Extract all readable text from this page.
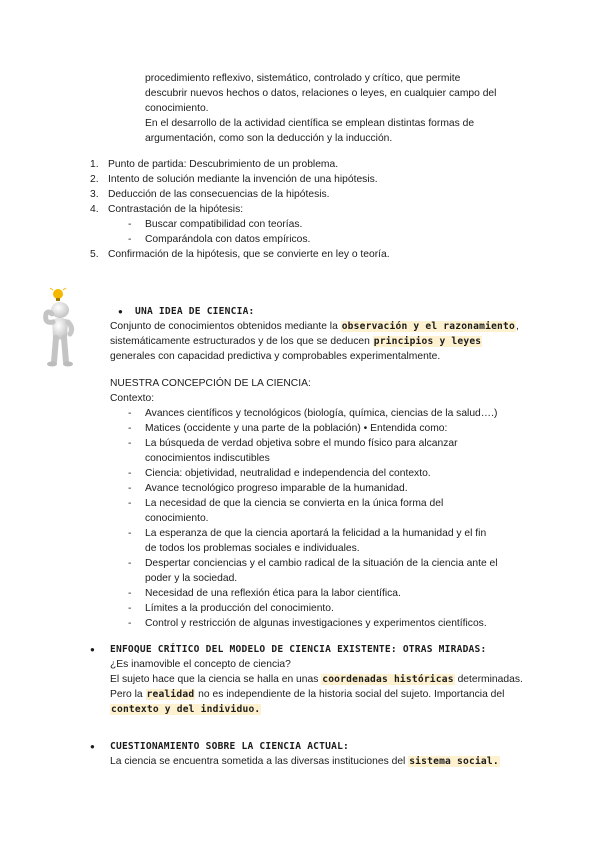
procedimiento reflexivo, sistemático, controlado y crítico, que permite
descubrir nuevos hechos o datos, relaciones o leyes, en cualquier campo del
conocimiento.
En el desarrollo de la actividad científica se emplean distintas formas de
argumentación, como son la deducción y la inducción.
1. Punto de partida: Descubrimiento de un problema.
2. Intento de solución mediante la invención de una hipótesis.
3. Deducción de las consecuencias de la hipótesis.
4. Contrastación de la hipótesis:
- Buscar compatibilidad con teorías.
- Comparándola con datos empíricos.
5. Confirmación de la hipótesis, que se convierte en ley o teoría.
● UNA IDEA DE CIENCIA:
Conjunto de conocimientos obtenidos mediante la observación y el razonamiento,
sistemáticamente estructurados y de los que se deducen principios y leyes
generales con capacidad predictiva y comprobables experimentalmente.
NUESTRA CONCEPCIÓN DE LA CIENCIA:
Contexto:
- Avances científicos y tecnológicos (biología, química, ciencias de la salud….)
- Matices (occidente y una parte de la población) • Entendida como:
- La búsqueda de verdad objetiva sobre el mundo físico para alcanzar
conocimientos indiscutibles
- Ciencia: objetividad, neutralidad e independencia del contexto.
- Avance tecnológico progreso imparable de la humanidad.
- La necesidad de que la ciencia se convierta en la única forma del
conocimiento.
- La esperanza de que la ciencia aportará la felicidad a la humanidad y el fin
de todos los problemas sociales e individuales.
- Despertar conciencias y el cambio radical de la situación de la ciencia ante el
poder y la sociedad.
- Necesidad de una reflexión ética para la labor científica.
- Límites a la producción del conocimiento.
- Control y restricción de algunas investigaciones y experimentos científicos.
● ENFOQUE CRÍTICO DEL MODELO DE CIENCIA EXISTENTE: OTRAS MIRADAS:
¿Es inamovible el concepto de ciencia?
El sujeto hace que la ciencia se halla en unas coordenadas históricas determinadas.
Pero la realidad no es independiente de la historia social del sujeto. Importancia del
contexto y del individuo.
● CUESTIONAMIENTO SOBRE LA CIENCIA ACTUAL:
La ciencia se encuentra sometida a las diversas instituciones del sistema social.
